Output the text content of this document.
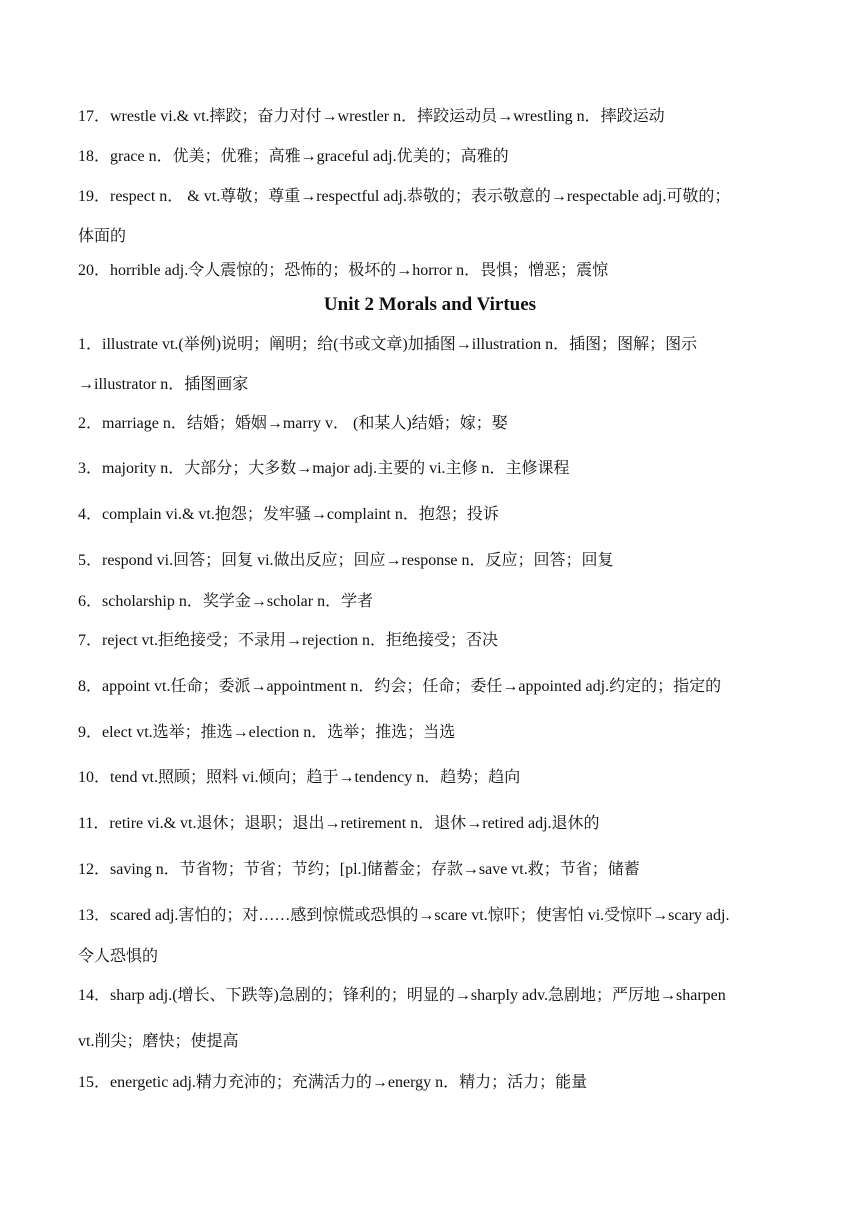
17．wrestle vi.& vt.摔跤；奋力对付→wrestler n．摔跤运动员→wrestling n．摔跤运动
18．grace n．优美；优雅；高雅→graceful adj.优美的；高雅的
19．respect n． & vt.尊敬；尊重→respectful adj.恭敬的；表示敬意的→respectable adj.可敬的；
体面的
20．horrible adj.令人震惊的；恐怖的；极坏的→horror n．畏惧；憎恶；震惊
Unit 2 Morals and Virtues
1．illustrate vt.(举例)说明；阐明；给(书或文章)加插图→illustration n．插图；图解；图示
→illustrator n．插图画家
2．marriage n．结婚；婚姻→marry v． (和某人)结婚；嫁；娶
3．majority n．大部分；大多数→major adj.主要的 vi.主修 n．主修课程
4．complain vi.& vt.抱怨；发牢骚→complaint n．抱怨；投诉
5．respond vi.回答；回复 vi.做出反应；回应→response n．反应；回答；回复
6．scholarship n．奖学金→scholar n．学者
7．reject vt.拒绝接受；不录用→rejection n．拒绝接受；否决
8．appoint vt.任命；委派→appointment n．约会；任命；委任→appointed adj.约定的；指定的
9．elect vt.选举；推选→election n．选举；推选；当选
10．tend vt.照顾；照料 vi.倾向；趋于→tendency n．趋势；趋向
11．retire vi.& vt.退休；退职；退出→retirement n．退休→retired adj.退休的
12．saving n．节省物；节省；节约；[pl.]储蓄金；存款→save vt.救；节省；储蓄
13．scared adj.害怕的；对……感到惊慌或恐惧的→scare vt.惊吓；使害怕 vi.受惊吓→scary adj.
令人恐惧的
14．sharp adj.(增长、下跌等)急剧的；锋利的；明显的→sharply adv.急剧地；严厉地→sharpen
vt.削尖；磨快；使提高
15．energetic adj.精力充沛的；充满活力的→energy n．精力；活力；能量
